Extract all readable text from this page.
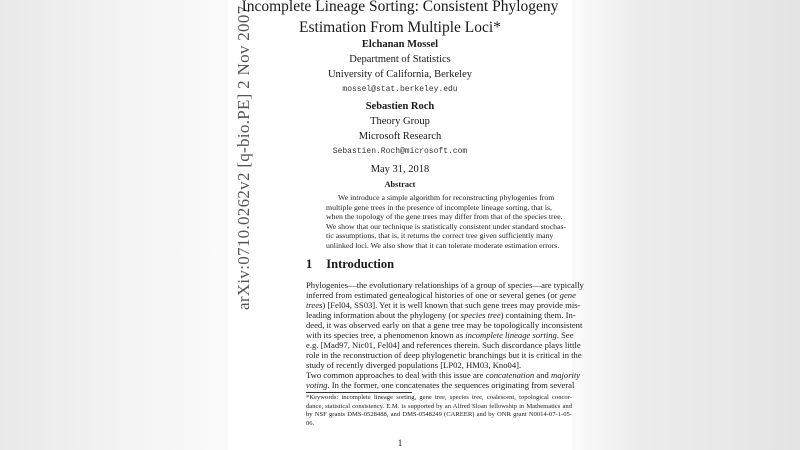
arXiv:0710.0262v2 [q-bio.PE] 2 Nov 2007
Incomplete Lineage Sorting: Consistent Phylogeny
Estimation From Multiple Loci*
Elchanan Mossel
Department of Statistics
University of California, Berkeley
mossel@stat.berkeley.edu
Sebastien Roch
Theory Group
Microsoft Research
Sebastien.Roch@microsoft.com
May 31, 2018
Abstract
We introduce a simple algorithm for reconstructing phylogenies from
multiple gene trees in the presence of incomplete lineage sorting, that is,
when the topology of the gene trees may differ from that of the species tree.
We show that our technique is statistically consistent under standard stochas-
tic assumptions, that is, it returns the correct tree given sufficiently many
unlinked loci. We also show that it can tolerate moderate estimation errors.
1 Introduction
Phylogenies—the evolutionary relationships of a group of species—are typically
inferred from estimated genealogical histories of one or several genes (or gene
trees) [Fel04, SS03]. Yet it is well known that such gene trees may provide mis-
leading information about the phylogeny (or species tree) containing them. In-
deed, it was observed early on that a gene tree may be topologically inconsistent
with its species tree, a phenomenon known as incomplete lineage sorting. See
e.g. [Mad97, Nic01, Fel04] and references therein. Such discordance plays little
role in the reconstruction of deep phylogenetic branchings but it is critical in the
study of recently diverged populations [LP02, HM03, Kno04].
Two common approaches to deal with this issue are concatenation and majority
voting. In the former, one concatenates the sequences originating from several
*Keywords: incomplete lineage sorting, gene tree, species tree, coalescent, topological concor-
dance, statistical consistency. E.M. is supported by an Alfred Sloan fellowship in Mathematics and
by NSF grants DMS-0528488, and DMS-0548249 (CAREER) and by ONR grant N0014-07-1-05-
06.
1
